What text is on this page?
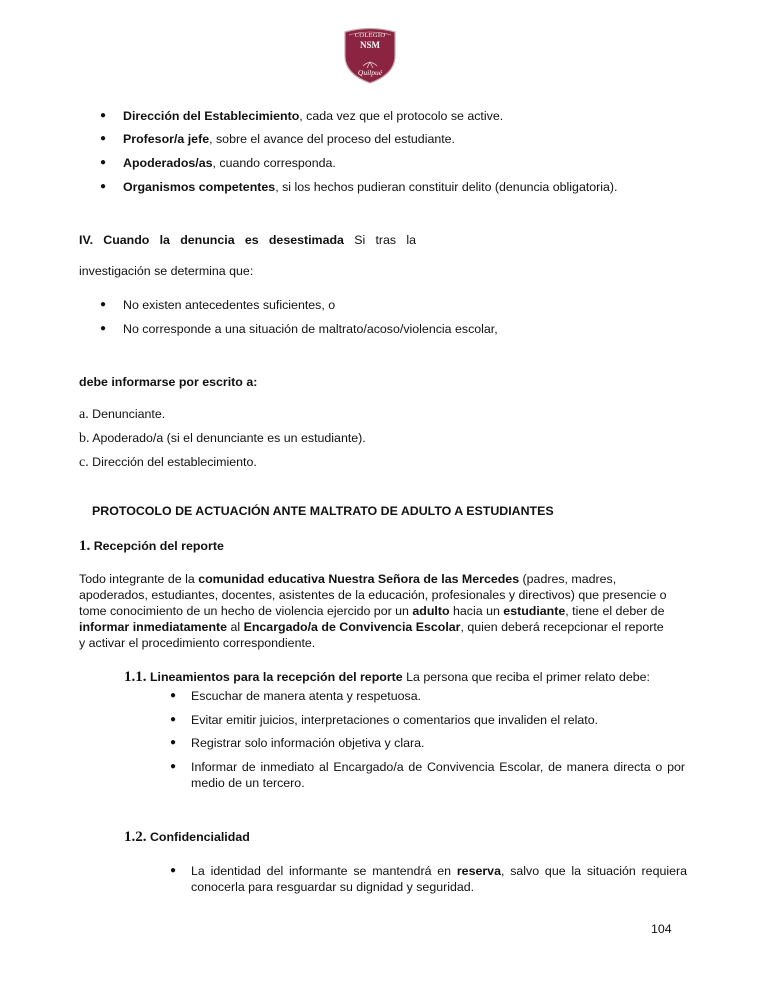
COLEGIO
NSM
Quilpué
● Dirección del Establecimiento, cada vez que el protocolo se active.
● Profesor/a jefe, sobre el avance del proceso del estudiante.
● Apoderados/as, cuando corresponda.
● Organismos competentes, si los hechos pudieran constituir delito (denuncia obligatoria).
IV. Cuando la denuncia es desestimada Si tras la
investigación se determina que:
● No existen antecedentes suficientes, o
● No corresponde a una situación de maltrato/acoso/violencia escolar,
debe informarse por escrito a:
a. Denunciante.
b. Apoderado/a (si el denunciante es un estudiante).
c. Dirección del establecimiento.
PROTOCOLO DE ACTUACIÓN ANTE MALTRATO DE ADULTO A ESTUDIANTES
1. Recepción del reporte
Todo integrante de la comunidad educativa Nuestra Señora de las Mercedes (padres, madres, apoderados, estudiantes, docentes, asistentes de la educación, profesionales y directivos) que presencie o tome conocimiento de un hecho de violencia ejercido por un adulto hacia un estudiante, tiene el deber de informar inmediatamente al Encargado/a de Convivencia Escolar, quien deberá recepcionar el reporte y activar el procedimiento correspondiente.
1.1. Lineamientos para la recepción del reporte La persona que reciba el primer relato debe:
● Escuchar de manera atenta y respetuosa.
● Evitar emitir juicios, interpretaciones o comentarios que invaliden el relato.
● Registrar solo información objetiva y clara.
● Informar de inmediato al Encargado/a de Convivencia Escolar, de manera directa o por medio de un tercero.
1.2. Confidencialidad
● La identidad del informante se mantendrá en reserva, salvo que la situación requiera conocerla para resguardar su dignidad y seguridad.
104
